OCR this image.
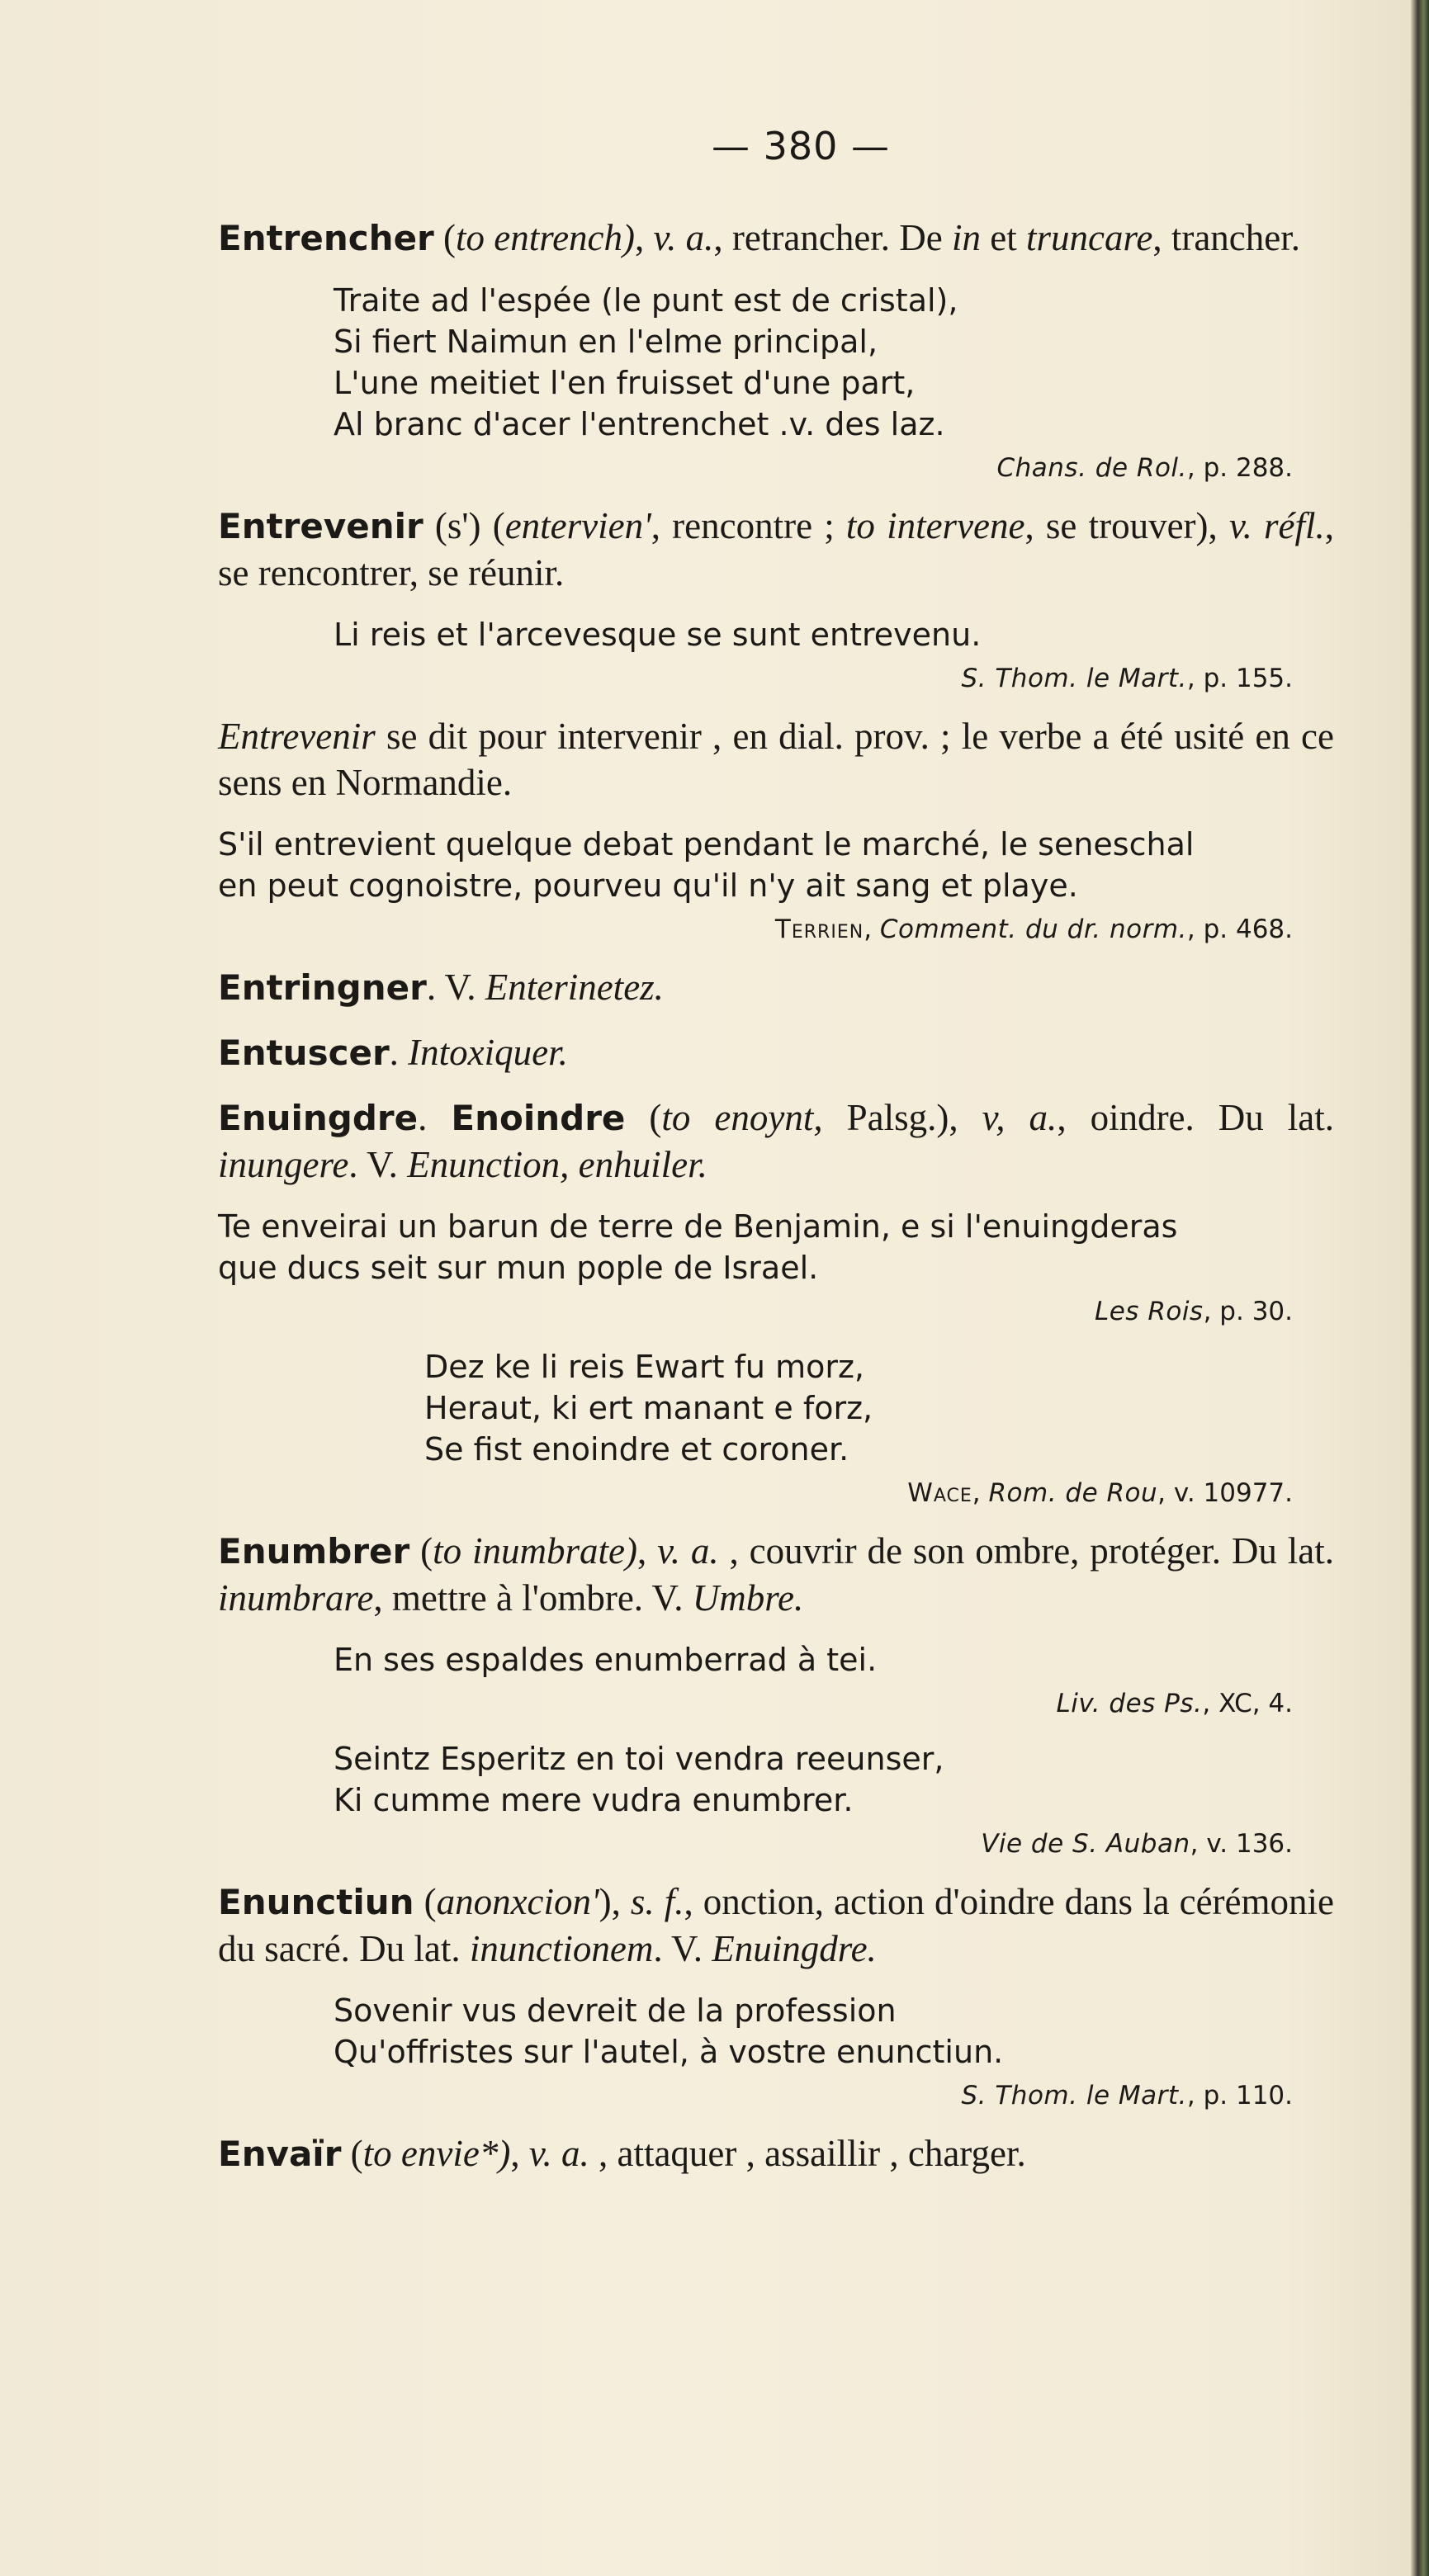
— 380 —

Entrencher (to entrench), v. a., retrancher. De in et truncare, trancher.

Traite ad l'espée (le punt est de cristal),
Si fiert Naimun en l'elme principal,
L'une meitiet l'en fruisset d'une part,
Al branc d'acer l'entrenchet .v. des laz.
Chans. de Rol., p. 288.

Entrevenir (s') (entervien', rencontre ; to intervene, se trouver), v. réfl., se rencontrer, se réunir.

Li reis et l'arcevesque se sunt entrevenu.
S. Thom. le Mart., p. 155.

Entrevenir se dit pour intervenir , en dial. prov. ; le verbe a été usité en ce sens en Normandie.

S'il entrevient quelque debat pendant le marché, le seneschal
en peut cognoistre, pourveu qu'il n'y ait sang et playe.
Terrien, Comment. du dr. norm., p. 468.

Entringner. V. Enterinetez.

Entuscer. Intoxiquer.

Enuingdre. Enoindre (to enoynt, Palsg.), v, a., oindre. Du lat. inungere. V. Enunction, enhuiler.

Te enveirai un barun de terre de Benjamin, e si l'enuingderas
que ducs seit sur mun pople de Israel.
Les Rois, p. 30.
Dez ke li reis Ewart fu morz,
Heraut, ki ert manant e forz,
Se fist enoindre et coroner.
Wace, Rom. de Rou, v. 10977.

Enumbrer (to inumbrate), v. a. , couvrir de son ombre, protéger. Du lat. inumbrare, mettre à l'ombre. V. Umbre.

En ses espaldes enumberrad à tei.
Liv. des Ps., XC, 4.
Seintz Esperitz en toi vendra reeunser,
Ki cumme mere vudra enumbrer.
Vie de S. Auban, v. 136.

Enunctiun (anonxcion'), s. f., onction, action d'oindre dans la cérémonie du sacré. Du lat. inunctionem. V. Enuingdre.

Sovenir vus devreit de la profession
Qu'offristes sur l'autel, à vostre enunctiun.
S. Thom. le Mart., p. 110.

Envaïr (to envie*), v. a. , attaquer , assaillir , charger.
